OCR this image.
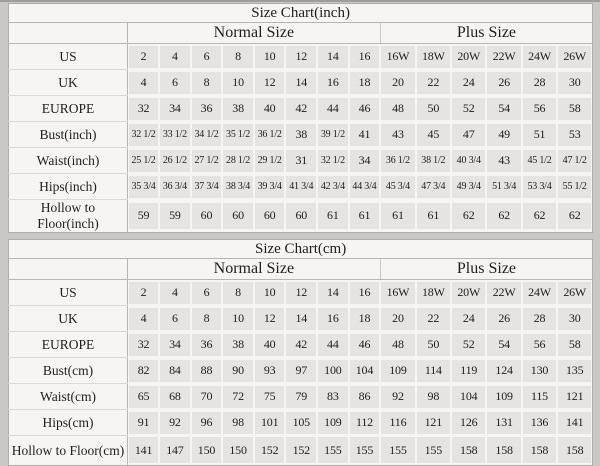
Size Chart(inch)														
	Normal Size								Plus Size					
US	2	4	6	8	10	12	14	16	16W	18W	20W	22W	24W	26W

UK	4	6	8	10	12	14	16	18	20	22	24	26	28	30

EUROPE	32	34	36	38	40	42	44	46	48	50	52	54	56	58

Bust(inch)	32 1/2	33 1/2	34 1/2	35 1/2	36 1/2	38	39 1/2	41	43	45	47	49	51	53

Waist(inch)	25 1/2	26 1/2	27 1/2	28 1/2	29 1/2	31	32 1/2	34	36 1/2	38 1/2	40 3/4	43	45 1/2	47 1/2

Hips(inch)	35 3/4	36 3/4	37 3/4	38 3/4	39 3/4	41 3/4	42 3/4	44 3/4	45 3/4	47 3/4	49 3/4	51 3/4	53 3/4	55 1/2

Hollow to Floor(inch)	59	59	60	60	60	60	61	61	61	61	62	62	62	62
Size Chart(cm)														
	Normal Size								Plus Size					
US	2	4	6	8	10	12	14	16	16W	18W	20W	22W	24W	26W

UK	4	6	8	10	12	14	16	18	20	22	24	26	28	30

EUROPE	32	34	36	38	40	42	44	46	48	50	52	54	56	58

Bust(cm)	82	84	88	90	93	97	100	104	109	114	119	124	130	135

Waist(cm)	65	68	70	72	75	79	83	86	92	98	104	109	115	121

Hips(cm)	91	92	96	98	101	105	109	112	116	121	126	131	136	141

Hollow to Floor(cm)	141	147	150	150	152	152	155	155	155	155	158	158	158	158
